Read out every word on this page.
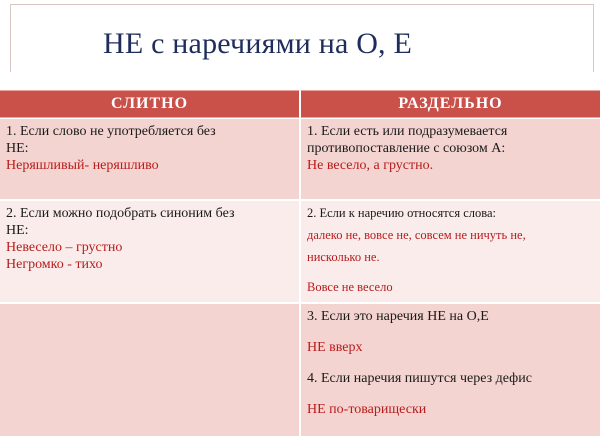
НЕ с наречиями на О, Е
СЛИТНО	РАЗДЕЛЬНО
1. Если слово не употребляется без
НЕ:
Неряшливый- неряшливо
1. Если есть или подразумевается
противопоставление с союзом А:
Не весело, а грустно.
2. Если можно подобрать синоним без
НЕ:
Невесело – грустно
Негромко - тихо
2. Если к наречию относятся слова:
далеко не, вовсе не, совсем не ничуть не,
нисколько не.
Вовсе не весело
3. Если это наречия НЕ на О,Е
НЕ вверх
4. Если наречия пишутся через дефис
НЕ по-товарищески
